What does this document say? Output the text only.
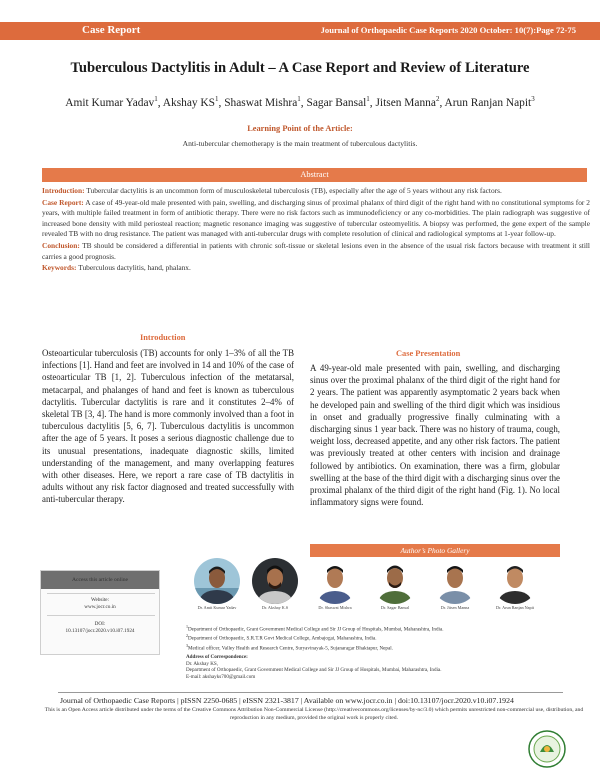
Case Report	Journal of Orthopaedic Case Reports 2020 October: 10(7):Page 72-75
Tuberculous Dactylitis in Adult – A Case Report and Review of Literature
Amit Kumar Yadav$^1$, Akshay $KS^1$, Shaswat Mishra$^1$, Sagar Bansal$^1$, Jitsen Manna$^2$, Arun Ranjan Napit$^3$
Learning Point of the Article:
Anti-tubercular chemotherapy is the main treatment of tuberculous dactylitis.
Abstract

Introduction: Tubercular dactylitis is an uncommon form of musculoskeletal tuberculosis (TB), especially after the age of 5 years without any risk factors.

Case Report: A case of 49-year-old male presented with pain, swelling, and discharging sinus of proximal phalanx of third digit of the right hand with no constitutional symptoms for 2 years, with multiple failed treatment in form of antibiotic therapy. There were no risk factors such as immunodeficiency or any co-morbidities. The plain radiograph was suggestive of increased bone density with mild periosteal reaction; magnetic resonance imaging was suggestive of tubercular osteomyelitis. A biopsy was performed, the gene expert of the sample revealed TB with no drug resistance. The patient was managed with anti-tubercular drugs with complete resolution of clinical and radiological symptoms at 1-year follow-up.

Conclusion: TB should be considered a differential in patients with chronic soft-tissue or skeletal lesions even in the absence of the usual risk factors because with treatment it still carries a good prognosis.

Keywords: Tuberculous dactylitis, hand, phalanx.

Introduction
Osteoarticular tuberculosis (TB) accounts for only 1–3% of all the TB infections [1]. Hand and feet are involved in 14 and 10% of the case of osteoarticular TB [1, 2]. Tuberculous infection of the metatarsal, metacarpal, and phalanges of hand and feet is known as tuberculous dactylitis. Tubercular dactylitis is rare and it constitutes 2–4% of skeletal TB [3, 4]. The hand is more commonly involved than a foot in tuberculous dactylitis [5, 6, 7]. Tuberculous dactylitis is uncommon after the age of 5 years. It poses a serious diagnostic challenge due to its unusual presentations, inadequate diagnostic skills, limited understanding of the management, and many overlapping features with other diseases. Here, we report a rare case of TB dactylitis in adults without any risk factor diagnosed and treated successfully with anti-tubercular therapy.
Case Presentation
A 49-year-old male presented with pain, swelling, and discharging sinus over the proximal phalanx of the third digit of the right hand for 2 years. The patient was apparently asymptomatic 2 years back when he developed pain and swelling of the third digit which was insidious in onset and gradually progressive finally culminating with a discharging sinus 1 year back. There was no history of trauma, cough, weight loss, decreased appetite, and any other risk factors. The patient was previously treated at other centers with incision and drainage followed by antibiotics. On examination, there was a firm, globular swelling at the base of the third digit with a discharging sinus over the proximal phalanx of the third digit of the right hand (Fig. 1). No local inflammatory signs were found.
Author’s Photo Gallery
Access this article online
Website:
www.jocr.co.in
DOI:
10.13107/jocr.2020.v10.i07.1924
Dr. Amit Kumar Yadav	Dr. Akshay K.S	Dr. Shaswat Mishra	Dr. Sagar Bansal	Dr. Jitsen Manna	Dr. Arun Ranjan Napit
$^1$Department of Orthopaedic, Grant Government Medical College and Sir JJ Group of Hospitals, Mumbai, Maharashtra, India.
$^2$Department of Orthopaedic, S.R.T.R Govt Medical College, Ambajogai, Maharashtra, India.
$^3$Medical officer, Valley Health and Research Centre, Suryavinayak-5, Sujanaragar Bhaktapur, Nepal.
Address of Correspondence:
Dr. Akshay KS,
Department of Orthopaedic, Grant Government Medical College and Sir JJ Group of Hospitals, Mumbai, Maharashtra, India.
E-mail: akshayks700@gmail.com
Journal of Orthopaedic Case Reports | pISSN 2250-0685 | eISSN 2321-3817 | Available on www.jocr.co.in | doi:10.13107/jocr.2020.v10.i07.1924
This is an Open Access article distributed under the terms of the Creative Commons Attribution Non-Commercial License (http://creativecommons.org/licenses/by-nc/3.0) which permits unrestricted non-commercial use, distribution, and reproduction in any medium, provided the original work is properly cited.
